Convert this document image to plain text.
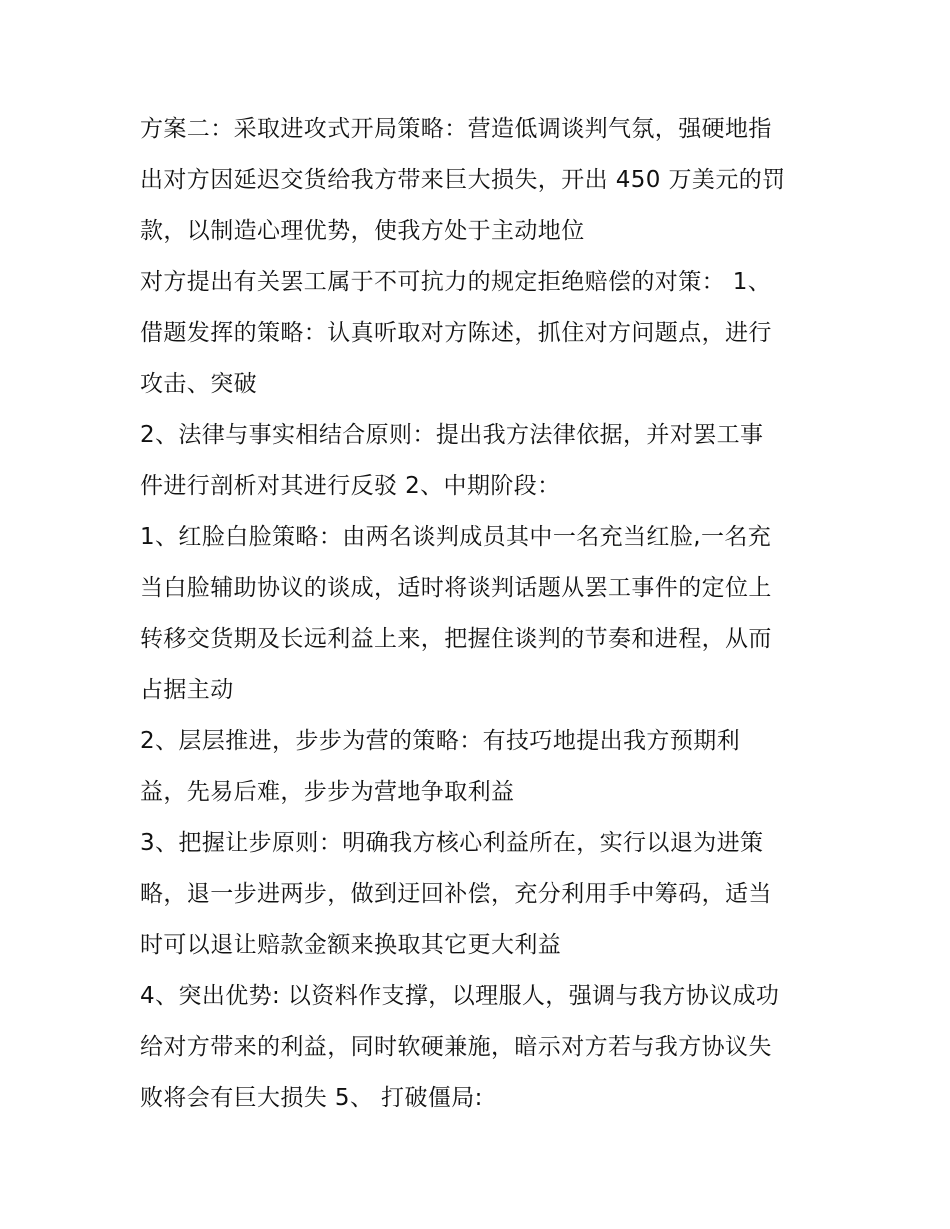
方案二：采取进攻式开局策略：营造低调谈判气氛，强硬地指
出对方因延迟交货给我方带来巨大损失，开出 450 万美元的罚
款，以制造心理优势，使我方处于主动地位
对方提出有关罢工属于不可抗力的规定拒绝赔偿的对策： 1、
借题发挥的策略：认真听取对方陈述，抓住对方问题点，进行
攻击、突破
2、法律与事实相结合原则：提出我方法律依据，并对罢工事
件进行剖析对其进行反驳 2、中期阶段：
1、红脸白脸策略：由两名谈判成员其中一名充当红脸,一名充
当白脸辅助协议的谈成，适时将谈判话题从罢工事件的定位上
转移交货期及长远利益上来，把握住谈判的节奏和进程，从而
占据主动
2、层层推进，步步为营的策略：有技巧地提出我方预期利
益，先易后难，步步为营地争取利益
3、把握让步原则：明确我方核心利益所在，实行以退为进策
略，退一步进两步，做到迂回补偿，充分利用手中筹码，适当
时可以退让赔款金额来换取其它更大利益
4、突出优势: 以资料作支撑，以理服人，强调与我方协议成功
给对方带来的利益，同时软硬兼施，暗示对方若与我方协议失
败将会有巨大损失 5、 打破僵局:
